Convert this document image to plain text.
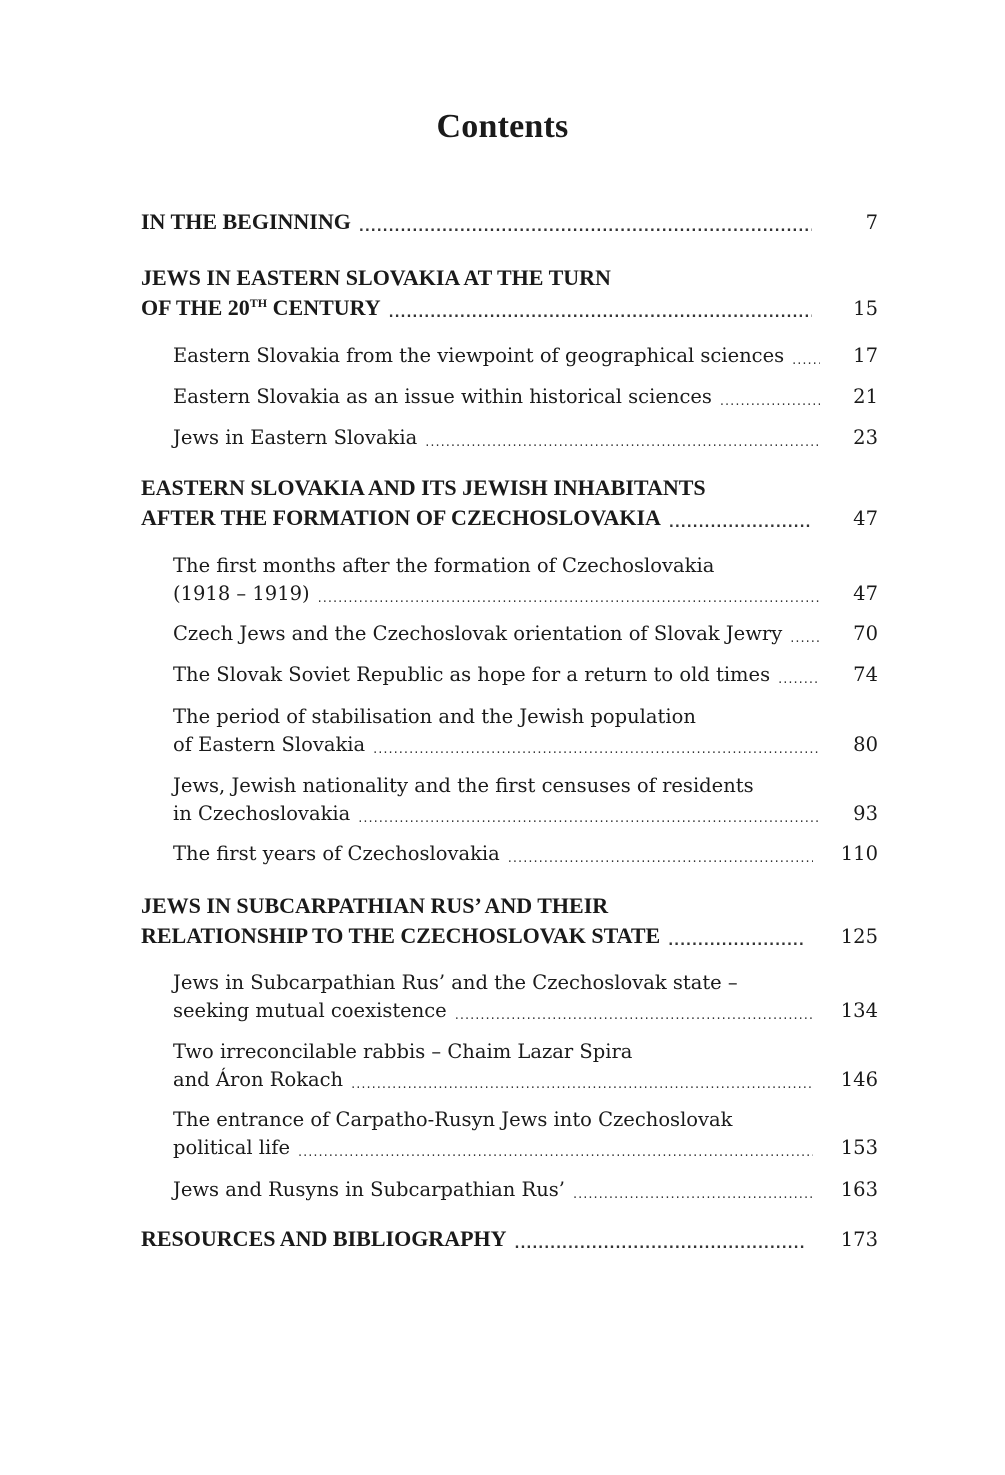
Contents
IN THE BEGINNING .....	7
JEWS IN EASTERN SLOVAKIA AT THE TURN
OF THE 20TH CENTURY .....	15
Eastern Slovakia from the viewpoint of geographical sciences .....	17
Eastern Slovakia as an issue within historical sciences .....	21
Jews in Eastern Slovakia .....	23
EASTERN SLOVAKIA AND ITS JEWISH INHABITANTS
AFTER THE FORMATION OF CZECHOSLOVAKIA .....	47
The first months after the formation of Czechoslovakia
(1918 – 1919) .....	47
Czech Jews and the Czechoslovak orientation of Slovak Jewry .....	70
The Slovak Soviet Republic as hope for a return to old times .....	74
The period of stabilisation and the Jewish population
of Eastern Slovakia .....	80
Jews, Jewish nationality and the first censuses of residents
in Czechoslovakia .....	93
The first years of Czechoslovakia .....	110
JEWS IN SUBCARPATHIAN RUS’ AND THEIR
RELATIONSHIP TO THE CZECHOSLOVAK STATE .....	125
Jews in Subcarpathian Rus’ and the Czechoslovak state –
seeking mutual coexistence .....	134
Two irreconcilable rabbis – Chaim Lazar Spira
and Áron Rokach .....	146
The entrance of Carpatho-Rusyn Jews into Czechoslovak
political life .....	153
Jews and Rusyns in Subcarpathian Rus’ .....	163
RESOURCES AND BIBLIOGRAPHY .....	173
